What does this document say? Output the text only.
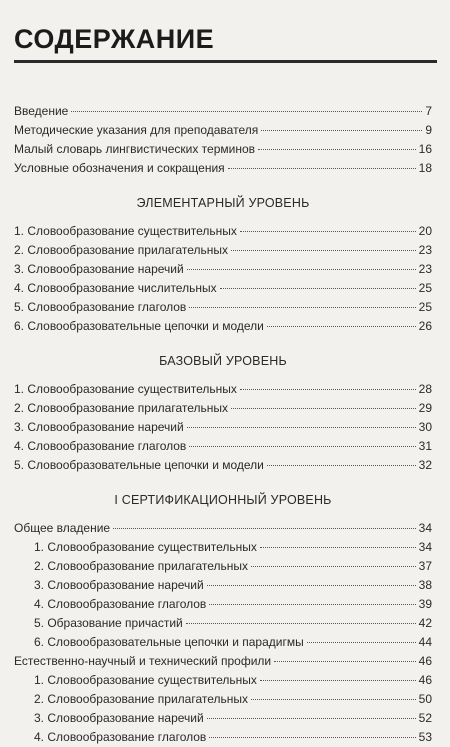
СОДЕРЖАНИЕ
Введение	7
Методические указания для преподавателя	9
Малый словарь лингвистических терминов	16
Условные обозначения и сокращения	18
ЭЛЕМЕНТАРНЫЙ УРОВЕНЬ
1. Словообразование существительных	20
2. Словообразование прилагательных	23
3. Словообразование наречий	23
4. Словообразование числительных	25
5. Словообразование глаголов	25
6. Словообразовательные цепочки и модели	26
БАЗОВЫЙ УРОВЕНЬ
1. Словообразование существительных	28
2. Словообразование прилагательных	29
3. Словообразование наречий	30
4. Словообразование глаголов	31
5. Словообразовательные цепочки и модели	32
I СЕРТИФИКАЦИОННЫЙ УРОВЕНЬ
Общее владение	34
1. Словообразование существительных	34
2. Словообразование прилагательных	37
3. Словообразование наречий	38
4. Словообразование глаголов	39
5. Образование причастий	42
6. Словообразовательные цепочки и парадигмы	44
Естественно-научный и технический профили	46
1. Словообразование существительных	46
2. Словообразование прилагательных	50
3. Словообразование наречий	52
4. Словообразование глаголов	53
